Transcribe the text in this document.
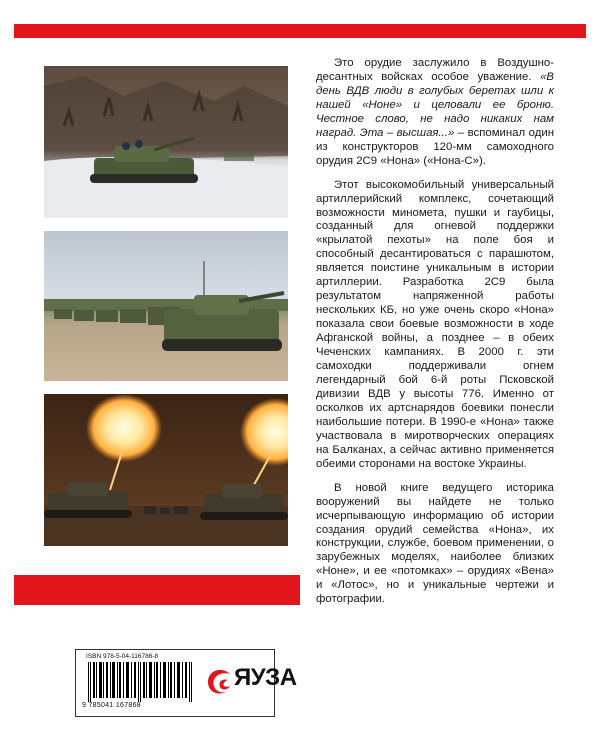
Это орудие заслужило в Воздушно-десантных войсках особое уважение. «В день ВДВ люди в голубых беретах шли к нашей «Ноне» и целовали ее броню. Честное слово, не надо никаких нам наград. Эта – высшая...» – вспоминал один из конструкторов 120-мм самоходного орудия 2С9 «Нона» («Нона-С»).

Этот высокомобильный универсальный артиллерийский комплекс, сочетающий возможности миномета, пушки и гаубицы, созданный для огневой поддержки «крылатой пехоты» на поле боя и способный десантироваться с парашютом, является поистине уникальным в истории артиллерии. Разработка 2С9 была результатом напряженной работы нескольких КБ, но уже очень скоро «Нона» показала свои боевые возможности в ходе Афганской войны, а позднее – в обеих Чеченских кампаниях. В 2000 г. эти самоходки поддерживали огнем легендарный бой 6-й роты Псковской дивизии ВДВ у высоты 776. Именно от осколков их артснарядов боевики понесли наибольшие потери. В 1990-е «Нона» также участвовала в миротворческих операциях на Балканах, а сейчас активно применяется обеими сторонами на востоке Украины.

В новой книге ведущего историка вооружений вы найдете не только исчерпывающую информацию об истории создания орудий семейства «Нона», их конструкции, службе, боевом применении, о зарубежных моделях, наиболее близких «Ноне», и ее «потомках» – орудиях «Вена» и «Лотос», но и уникальные чертежи и фотографии.

ISBN 978-5-04-116786-8
9 785041 167868
ЯУЗА
